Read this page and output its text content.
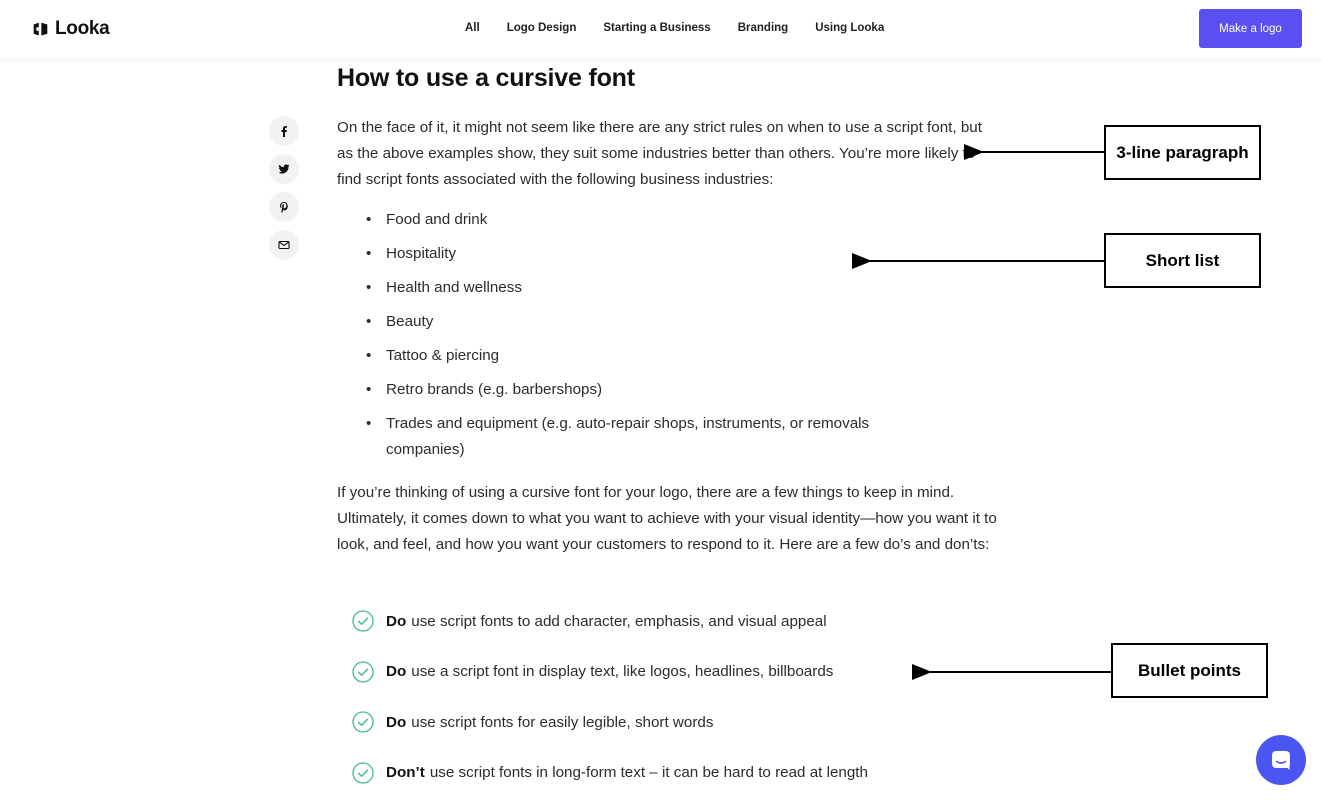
Looka	All Logo Design Starting a Business Branding Using Looka	Make a logo
How to use a cursive font

On the face of it, it might not seem like there are any strict rules on when to use a script font, but as the above examples show, they suit some industries better than others. You’re more likely to find script fonts associated with the following business industries:

• Food and drink
• Hospitality
• Health and wellness
• Beauty
• Tattoo & piercing
• Retro brands (e.g. barbershops)
• Trades and equipment (e.g. auto-repair shops, instruments, or removals companies)

If you’re thinking of using a cursive font for your logo, there are a few things to keep in mind. Ultimately, it comes down to what you want to achieve with your visual identity—how you want it to look, and feel, and how you want your customers to respond to it. Here are a few do’s and don’ts:

Do use script fonts to add character, emphasis, and visual appeal
Do use a script font in display text, like logos, headlines, billboards
Do use script fonts for easily legible, short words
Don’t use script fonts in long-form text – it can be hard to read at length
3-line paragraph
Short list
Bullet points
